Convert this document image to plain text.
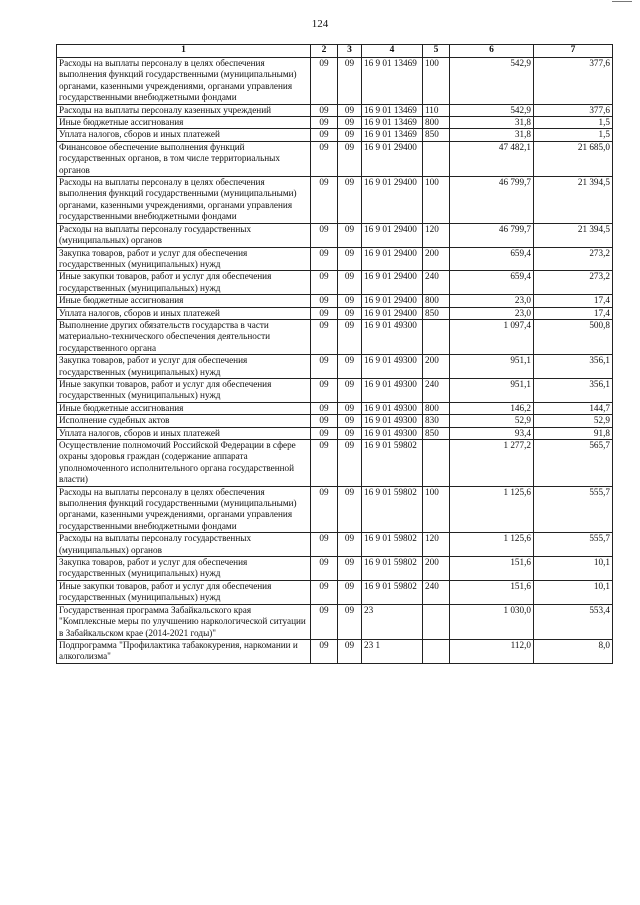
124
1	2	3	4	5	6	7
Расходы на выплаты персоналу в целях обеспечения выполнения функций государственными (муниципальными) органами, казенными учреждениями, органами управления государственными внебюджетными фондами	09	09	16 9 01 13469	100	542,9	377,6
Расходы на выплаты персоналу казенных учреждений	09	09	16 9 01 13469	110	542,9	377,6
Иные бюджетные ассигнования	09	09	16 9 01 13469	800	31,8	1,5
Уплата налогов, сборов и иных платежей	09	09	16 9 01 13469	850	31,8	1,5
Финансовое обеспечение выполнения функций государственных органов, в том числе территориальных органов	09	09	16 9 01 29400		47 482,1	21 685,0
Расходы на выплаты персоналу в целях обеспечения выполнения функций государственными (муниципальными) органами, казенными учреждениями, органами управления государственными внебюджетными фондами	09	09	16 9 01 29400	100	46 799,7	21 394,5
Расходы на выплаты персоналу государственных (муниципальных) органов	09	09	16 9 01 29400	120	46 799,7	21 394,5
Закупка товаров, работ и услуг для обеспечения государственных (муниципальных) нужд	09	09	16 9 01 29400	200	659,4	273,2
Иные закупки товаров, работ и услуг для обеспечения государственных (муниципальных) нужд	09	09	16 9 01 29400	240	659,4	273,2
Иные бюджетные ассигнования	09	09	16 9 01 29400	800	23,0	17,4
Уплата налогов, сборов и иных платежей	09	09	16 9 01 29400	850	23,0	17,4
Выполнение других обязательств государства в части материально-технического обеспечения деятельности государственного органа	09	09	16 9 01 49300		1 097,4	500,8
Закупка товаров, работ и услуг для обеспечения государственных (муниципальных) нужд	09	09	16 9 01 49300	200	951,1	356,1
Иные закупки товаров, работ и услуг для обеспечения государственных (муниципальных) нужд	09	09	16 9 01 49300	240	951,1	356,1
Иные бюджетные ассигнования	09	09	16 9 01 49300	800	146,2	144,7
Исполнение судебных актов	09	09	16 9 01 49300	830	52,9	52,9
Уплата налогов, сборов и иных платежей	09	09	16 9 01 49300	850	93,4	91,8
Осуществление полномочий Российской Федерации в сфере охраны здоровья граждан (содержание аппарата уполномоченного исполнительного органа государственной власти)	09	09	16 9 01 59802		1 277,2	565,7
Расходы на выплаты персоналу в целях обеспечения выполнения функций государственными (муниципальными) органами, казенными учреждениями, органами управления государственными внебюджетными фондами	09	09	16 9 01 59802	100	1 125,6	555,7
Расходы на выплаты персоналу государственных (муниципальных) органов	09	09	16 9 01 59802	120	1 125,6	555,7
Закупка товаров, работ и услуг для обеспечения государственных (муниципальных) нужд	09	09	16 9 01 59802	200	151,6	10,1
Иные закупки товаров, работ и услуг для обеспечения государственных (муниципальных) нужд	09	09	16 9 01 59802	240	151,6	10,1
Государственная программа Забайкальского края "Комплексные меры по улучшению наркологической ситуации в Забайкальском крае (2014-2021 годы)"	09	09	23		1 030,0	553,4
Подпрограмма "Профилактика табакокурения, наркомании и алкоголизма"	09	09	23 1		112,0	8,0
